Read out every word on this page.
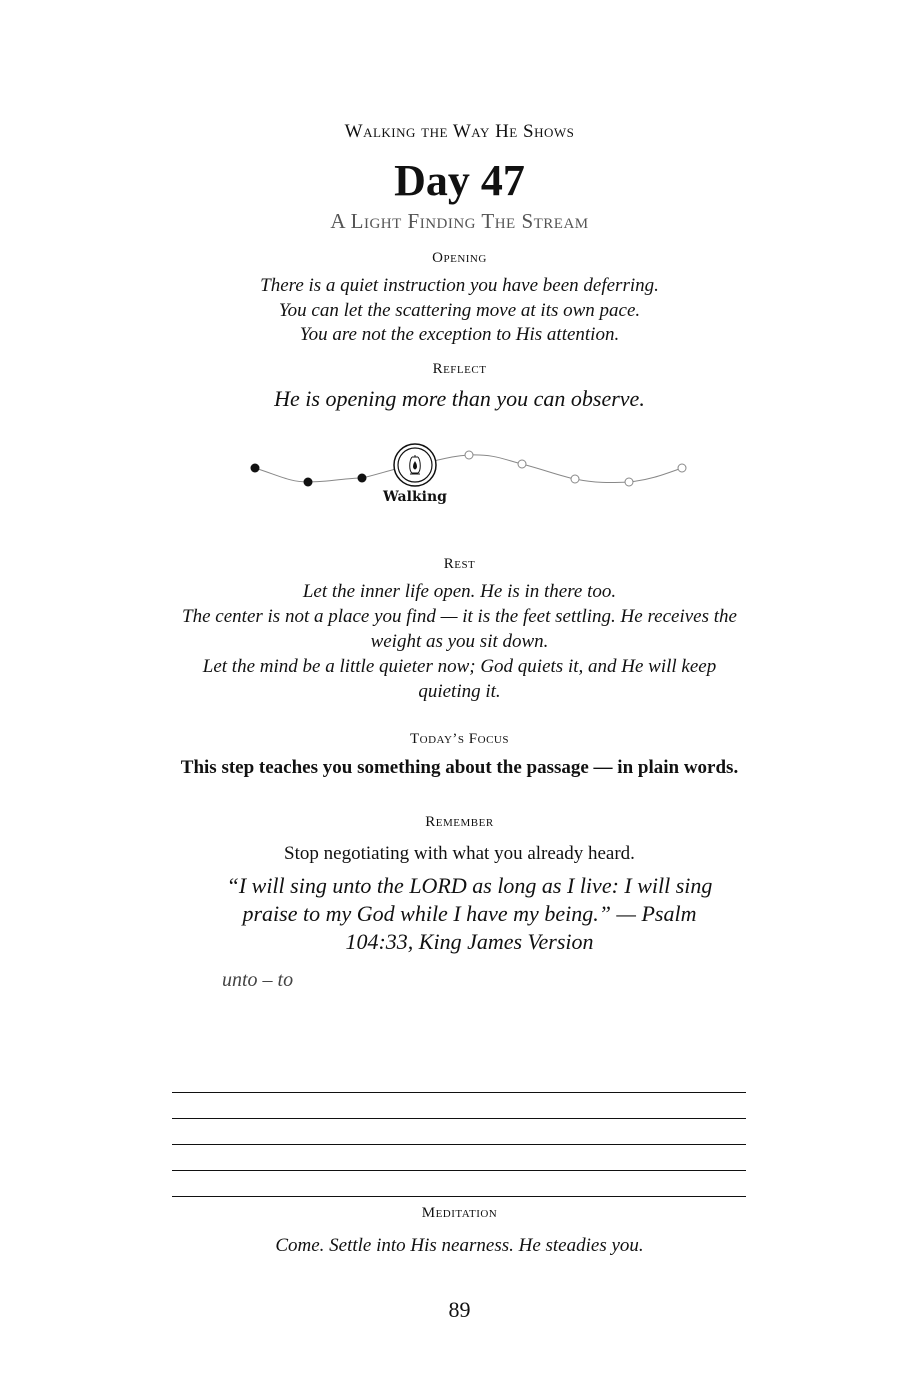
Walking the Way He Shows
Day 47
A Light Finding The Stream
Opening
There is a quiet instruction you have been deferring.
You can let the scattering move at its own pace.
You are not the exception to His attention.
Reflect
He is opening more than you can observe.
Walking
Rest

Let the inner life open. He is in there too.

The center is not a place you find — it is the feet settling. He receives the weight as you sit down.

Let the mind be a little quieter now; God quiets it, and He will keep quieting it.

Today’s Focus
This step teaches you something about the passage — in plain words.
Remember
Stop negotiating with what you already heard.
“I will sing unto the LORD as long as I live: I will sing praise to my God while I have my being.” — Psalm 104:33, King James Version
unto – to
Meditation
Come. Settle into His nearness. He steadies you.
89
